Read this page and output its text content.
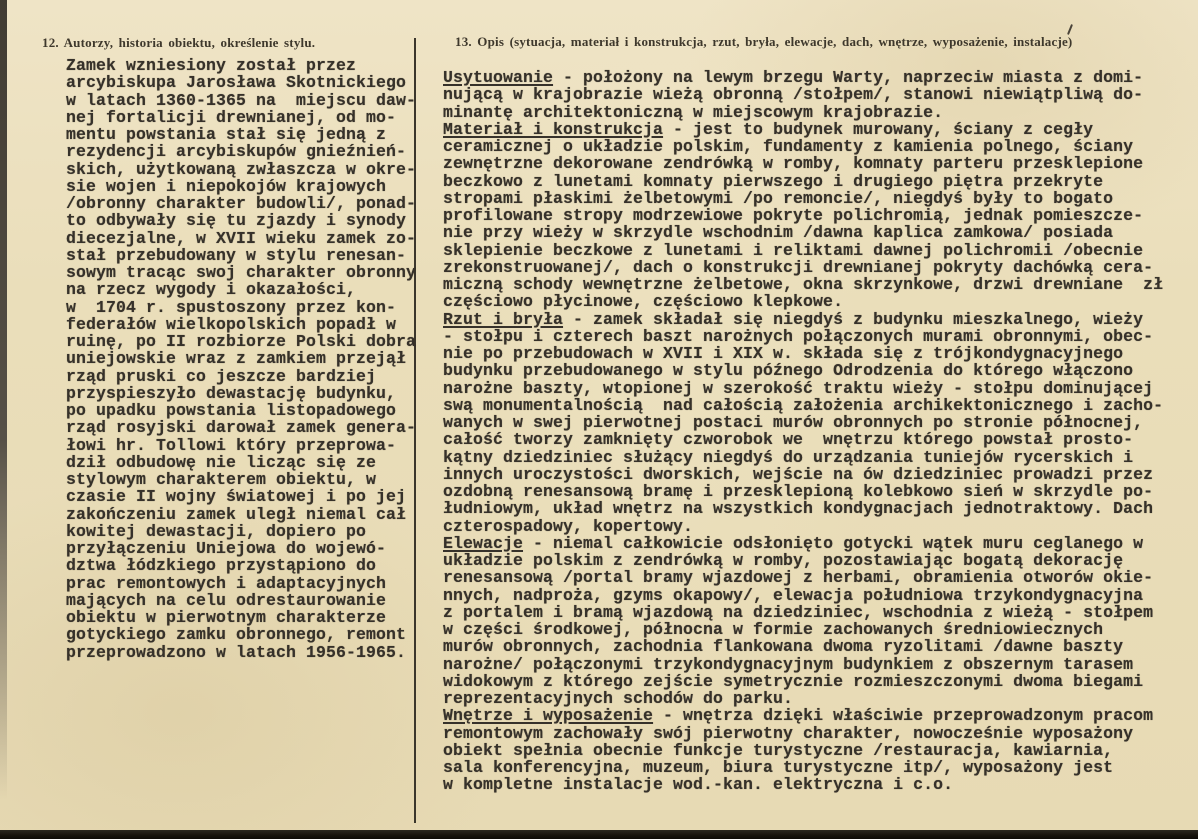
12. Autorzy, historia obiektu, określenie stylu.	13. Opis (sytuacja, materiał i konstrukcja, rzut, bryła, elewacje, dach, wnętrze, wyposażenie, instalacje)
Zamek wzniesiony został przez
arcybiskupa Jarosława Skotnickiego
w latach 1360-1365 na  miejscu daw-
nej fortalicji drewnianej, od mo-
mentu powstania stał się jedną z
rezydencji arcybiskupów gnieźnień-
skich, użytkowaną zwłaszcza w okre-
sie wojen i niepokojów krajowych
/obronny charakter budowli/, ponad-
to odbywały się tu zjazdy i synody
diecezjalne, w XVII wieku zamek zo-
stał przebudowany w stylu renesan-
sowym tracąc swoj charakter obronny
na rzecz wygody i okazałości,
w  1704 r. spustoszony przez kon-
federałów wielkopolskich popadł w
ruinę, po II rozbiorze Polski dobra
uniejowskie wraz z zamkiem przejął
rząd pruski co jeszcze bardziej
przyspieszyło dewastację budynku,
po upadku powstania listopadowego
rząd rosyjski darował zamek genera-
łowi hr. Tollowi który przeprowa-
dził odbudowę nie licząc się ze
stylowym charakterem obiektu, w
czasie II wojny światowej i po jej
zakończeniu zamek uległ niemal cał
kowitej dewastacji, dopiero po
przyłączeniu Uniejowa do wojewó-
dztwa łódzkiego przystąpiono do
prac remontowych i adaptacyjnych
mających na celu odrestaurowanie
obiektu w pierwotnym charakterze
gotyckiego zamku obronnego, remont
przeprowadzono w latach 1956-1965.
Usytuowanie - położony na lewym brzegu Warty, naprzeciw miasta z domi-
nującą w krajobrazie wieżą obronną /stołpem/, stanowi niewiątpliwą do-
minantę architektoniczną w miejscowym krajobrazie.
Materiał i konstrukcja - jest to budynek murowany, ściany z cegły
ceramicznej o układzie polskim, fundamenty z kamienia polnego, ściany
zewnętrzne dekorowane zendrówką w romby, komnaty parteru przesklepione
beczkowo z lunetami komnaty pierwszego i drugiego piętra przekryte
stropami płaskimi żelbetowymi /po remoncie/, niegdyś były to bogato
profilowane stropy modrzewiowe pokryte polichromią, jednak pomieszcze-
nie przy wieży w skrzydle wschodnim /dawna kaplica zamkowa/ posiada
sklepienie beczkowe z lunetami i reliktami dawnej polichromii /obecnie
zrekonstruowanej/, dach o konstrukcji drewnianej pokryty dachówką cera-
miczną schody wewnętrzne żelbetowe, okna skrzynkowe, drzwi drewniane  zł
częściowo płycinowe, częściowo klepkowe.
Rzut i bryła - zamek składał się niegdyś z budynku mieszkalnego, wieży
- stołpu i czterech baszt narożnych połączonych murami obronnymi, obec-
nie po przebudowach w XVII i XIX w. składa się z trójkondygnacyjnego
budynku przebudowanego w stylu późnego Odrodzenia do którego włączono
narożne baszty, wtopionej w szerokość traktu wieży - stołpu dominującej
swą monumentalnością  nad całością założenia archikektonicznego i zacho-
wanych w swej pierwotnej postaci murów obronnych po stronie północnej,
całość tworzy zamknięty czworobok we  wnętrzu którego powstał prosto-
kątny dziedziniec służący niegdyś do urządzania tuniejów rycerskich i
innych uroczystości dworskich, wejście na ów dziedziniec prowadzi przez
ozdobną renesansową bramę i przesklepioną kolebkowo sień w skrzydle po-
łudniowym, układ wnętrz na wszystkich kondygnacjach jednotraktowy. Dach
czterospadowy, kopertowy.
Elewacje - niemal całkowicie odsłonięto gotycki wątek muru ceglanego w
układzie polskim z zendrówką w romby, pozostawiając bogatą dekorację
renesansową /portal bramy wjazdowej z herbami, obramienia otworów okie-
nnych, nadproża, gzyms okapowy/, elewacja południowa trzykondygnacyjna
z portalem i bramą wjazdową na dziedziniec, wschodnia z wieżą - stołpem
w części środkowej, północna w formie zachowanych średniowiecznych
murów obronnych, zachodnia flankowana dwoma ryzolitami /dawne baszty
narożne/ połączonymi trzykondygnacyjnym budynkiem z obszernym tarasem
widokowym z którego zejście symetrycznie rozmieszczonymi dwoma biegami
reprezentacyjnych schodów do parku.
Wnętrze i wyposażenie - wnętrza dzięki właściwie przeprowadzonym pracom
remontowym zachowały swój pierwotny charakter, nowocześnie wyposażony
obiekt spełnia obecnie funkcje turystyczne /restauracja, kawiarnia,
sala konferencyjna, muzeum, biura turystyczne itp/, wyposażony jest
w kompletne instalacje wod.-kan. elektryczna i c.o.
